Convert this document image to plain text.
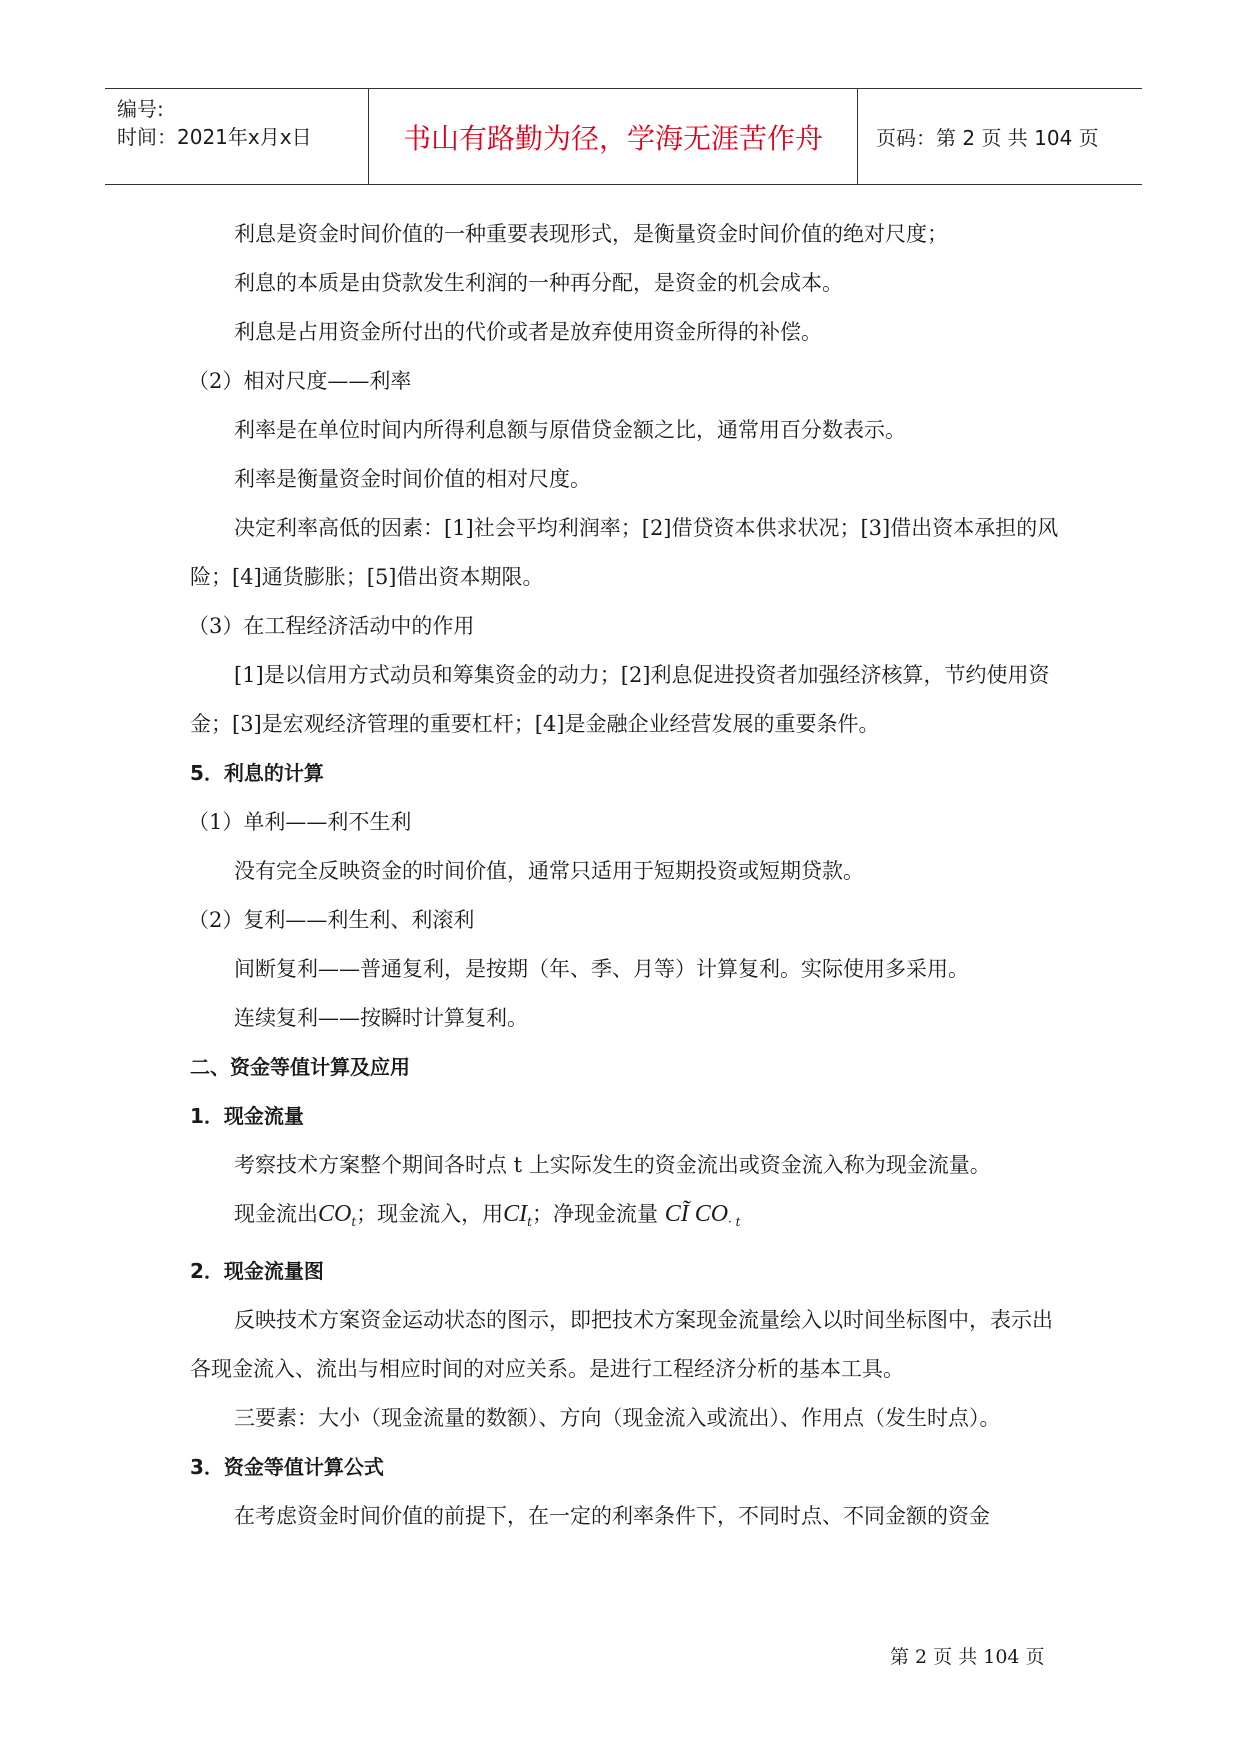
编号:
时间：2021年x月x日	书山有路勤为径，学海无涯苦作舟	页码：第 2 页 共 104 页

利息是资金时间价值的一种重要表现形式，是衡量资金时间价值的绝对尺度；

利息的本质是由贷款发生利润的一种再分配，是资金的机会成本。

利息是占用资金所付出的代价或者是放弃使用资金所得的补偿。

（2）相对尺度——利率

利率是在单位时间内所得利息额与原借贷金额之比，通常用百分数表示。

利率是衡量资金时间价值的相对尺度。

决定利率高低的因素：[1]社会平均利润率；[2]借贷资本供求状况；[3]借出资本承担的风险；[4]通货膨胀；[5]借出资本期限。

（3）在工程经济活动中的作用

[1]是以信用方式动员和筹集资金的动力；[2]利息促进投资者加强经济核算，节约使用资金；[3]是宏观经济管理的重要杠杆；[4]是金融企业经营发展的重要条件。

5．利息的计算

（1）单利——利不生利

没有完全反映资金的时间价值，通常只适用于短期投资或短期贷款。

（2）复利——利生利、利滚利

间断复利——普通复利，是按期（年、季、月等）计算复利。实际使用多采用。

连续复利——按瞬时计算复利。

二、资金等值计算及应用

1．现金流量

考察技术方案整个期间各时点 t 上实际发生的资金流出或资金流入称为现金流量。

现金流出$CO_t$；现金流入，用$CI_t$；净现金流量 CĨ $CO_{\cdot t}$

2．现金流量图

反映技术方案资金运动状态的图示，即把技术方案现金流量绘入以时间坐标图中，表示出各现金流入、流出与相应时间的对应关系。是进行工程经济分析的基本工具。

三要素：大小（现金流量的数额）、方向（现金流入或流出）、作用点（发生时点）。

3．资金等值计算公式

在考虑资金时间价值的前提下，在一定的利率条件下，不同时点、不同金额的资金

第 2 页 共 104 页
